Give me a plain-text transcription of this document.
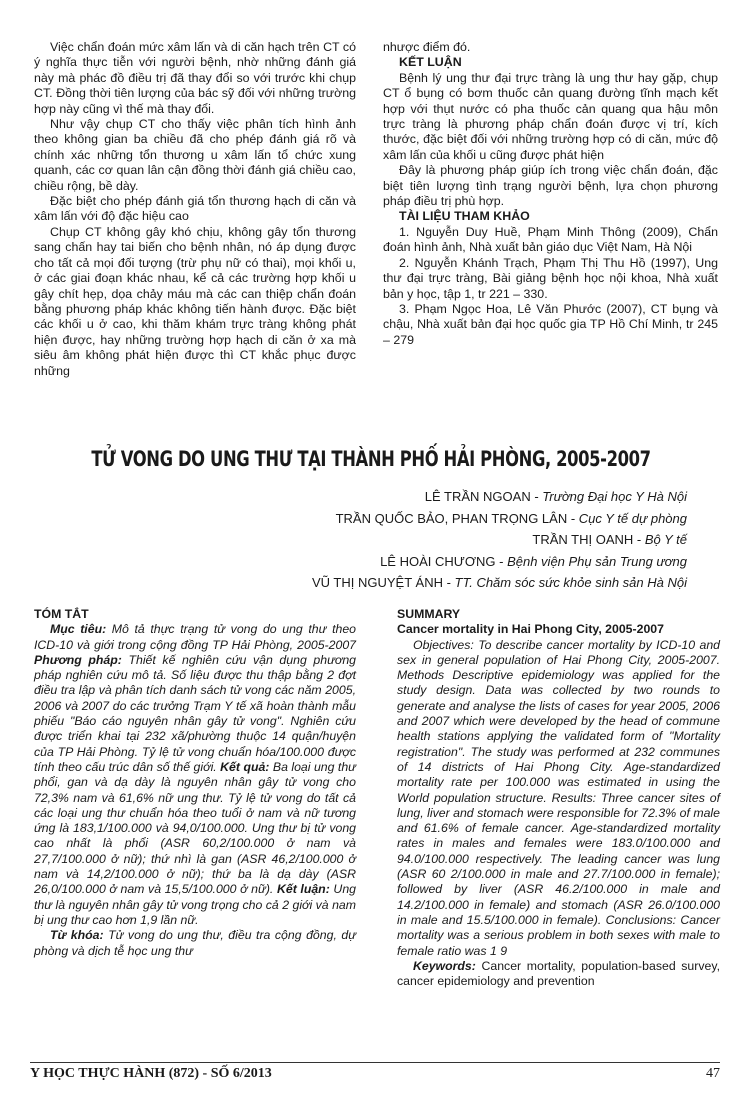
Việc chẩn đoán mức xâm lấn và di căn hạch trên CT có ý nghĩa thực tiễn với người bệnh, nhờ những đánh giá này mà phác đồ điều trị đã thay đổi so với trước khi chụp CT. Đồng thời tiên lượng của bác sỹ đối với những trường hợp này cũng vì thế mà thay đổi.

Như vậy chụp CT cho thấy việc phân tích hình ảnh theo không gian ba chiều đã cho phép đánh giá rõ và chính xác những tổn thương u xâm lấn tổ chức xung quanh, các cơ quan lân cận đồng thời đánh giá chiều cao, chiều rộng, bề dày.

Đặc biệt cho phép đánh giá tổn thương hạch di căn và xâm lấn với độ đặc hiệu cao

Chụp CT không gây khó chịu, không gây tổn thương sang chấn hay tai biến cho bệnh nhân, nó áp dụng được cho tất cả mọi đối tượng (trừ phụ nữ có thai), mọi khối u, ở các giai đoạn khác nhau, kể cả các trường hợp khối u gây chít hẹp, dọa chảy máu mà các can thiệp chẩn đoán bằng phương pháp khác không tiến hành được. Đặc biệt các khối u ở cao, khi thăm khám trực tràng không phát hiện được, hay những trường hợp hạch di căn ở xa mà siêu âm không phát hiện được thì CT khắc phục được những

nhược điểm đó.

KẾT LUẬN

Bệnh lý ung thư đại trực tràng là ung thư hay gặp, chụp CT ổ bụng có bơm thuốc cản quang đường tĩnh mạch kết hợp với thụt nước có pha thuốc cản quang qua hậu môn trực tràng là phương pháp chẩn đoán được vị trí, kích thước, đặc biệt đối với những trường hợp có di căn, mức độ xâm lấn của khối u cũng được phát hiện

Đây là phương pháp giúp ích trong việc chẩn đoán, đặc biệt tiên lượng tình trạng người bệnh, lựa chọn phương pháp điều trị phù hợp.

TÀI LIỆU THAM KHẢO

1. Nguyễn Duy Huề, Phạm Minh Thông (2009), Chẩn đoán hình ảnh, Nhà xuất bản giáo dục Việt Nam, Hà Nội

2. Nguyễn Khánh Trạch, Phạm Thị Thu Hồ (1997), Ung thư đại trực tràng, Bài giảng bệnh học nội khoa, Nhà xuất bản y học, tập 1, tr 221 – 330.

3. Phạm Ngọc Hoa, Lê Văn Phước (2007), CT bụng và chậu, Nhà xuất bản đại học quốc gia TP Hồ Chí Minh, tr 245 – 279

TỬ VONG DO UNG THƯ TẠI THÀNH PHỐ HẢI PHÒNG, 2005-2007
LÊ TRẦN NGOAN - Trường Đại học Y Hà Nội
TRẦN QUỐC BẢO, PHAN TRỌNG LÂN - Cục Y tế dự phòng
TRẦN THỊ OANH - Bộ Y tế
LÊ HOÀI CHƯƠNG - Bệnh viện Phụ sản Trung ương
VŨ THỊ NGUYỆT ÁNH - TT. Chăm sóc sức khỏe sinh sản Hà Nội

TÓM TẮT

Mục tiêu: Mô tả thực trạng tử vong do ung thư theo ICD-10 và giới trong cộng đồng TP Hải Phòng, 2005-2007 Phương pháp: Thiết kế nghiên cứu vận dụng phương pháp nghiên cứu mô tả. Số liệu được thu thập bằng 2 đợt điều tra lập và phân tích danh sách tử vong các năm 2005, 2006 và 2007 do các trưởng Trạm Y tế xã hoàn thành mẫu phiếu "Báo cáo nguyên nhân gây tử vong". Nghiên cứu được triển khai tại 232 xã/phường thuộc 14 quận/huyện của TP Hải Phòng. Tỷ lệ tử vong chuẩn hóa/100.000 được tính theo cấu trúc dân số thế giới. Kết quả: Ba loại ung thư phổi, gan và dạ dày là nguyên nhân gây tử vong cho 72,3% nam và 61,6% nữ ung thư. Tỷ lệ tử vong do tất cả các loại ung thư chuẩn hóa theo tuổi ở nam và nữ tương ứng là 183,1/100.000 và 94,0/100.000. Ung thư bị tử vong cao nhất là phổi (ASR 60,2/100.000 ở nam và 27,7/100.000 ở nữ); thứ nhì là gan (ASR 46,2/100.000 ở nam và 14,2/100.000 ở nữ); thứ ba là dạ dày (ASR 26,0/100.000 ở nam và 15,5/100.000 ở nữ). Kết luận: Ung thư là nguyên nhân gây tử vong trọng cho cả 2 giới và nam bị ung thư cao hơn 1,9 lần nữ.

Từ khóa: Tử vong do ung thư, điều tra cộng đồng, dự phòng và dịch tễ học ung thư

SUMMARY

Cancer mortality in Hai Phong City, 2005-2007

Objectives: To describe cancer mortality by ICD-10 and sex in general population of Hai Phong City, 2005-2007. Methods Descriptive epidemiology was applied for the study design. Data was collected by two rounds to generate and analyse the lists of cases for year 2005, 2006 and 2007 which were developed by the head of commune health stations applying the validated form of "Mortality registration". The study was performed at 232 communes of 14 districts of Hai Phong City. Age-standardized mortality rate per 100.000 was estimated in using the World population structure. Results: Three cancer sites of lung, liver and stomach were responsible for 72.3% of male and 61.6% of female cancer. Age-standardized mortality rates in males and females were 183.0/100.000 and 94.0/100.000 respectively. The leading cancer was lung (ASR 60 2/100.000 in male and 27.7/100.000 in female); followed by liver (ASR 46.2/100.000 in male and 14.2/100.000 in female) and stomach (ASR 26.0/100.000 in male and 15.5/100.000 in female). Conclusions: Cancer mortality was a serious problem in both sexes with male to female ratio was 1 9

Keywords: Cancer mortality, population-based survey, cancer epidemiology and prevention

Y HỌC THỰC HÀNH (872) - SỐ 6/2013	47
